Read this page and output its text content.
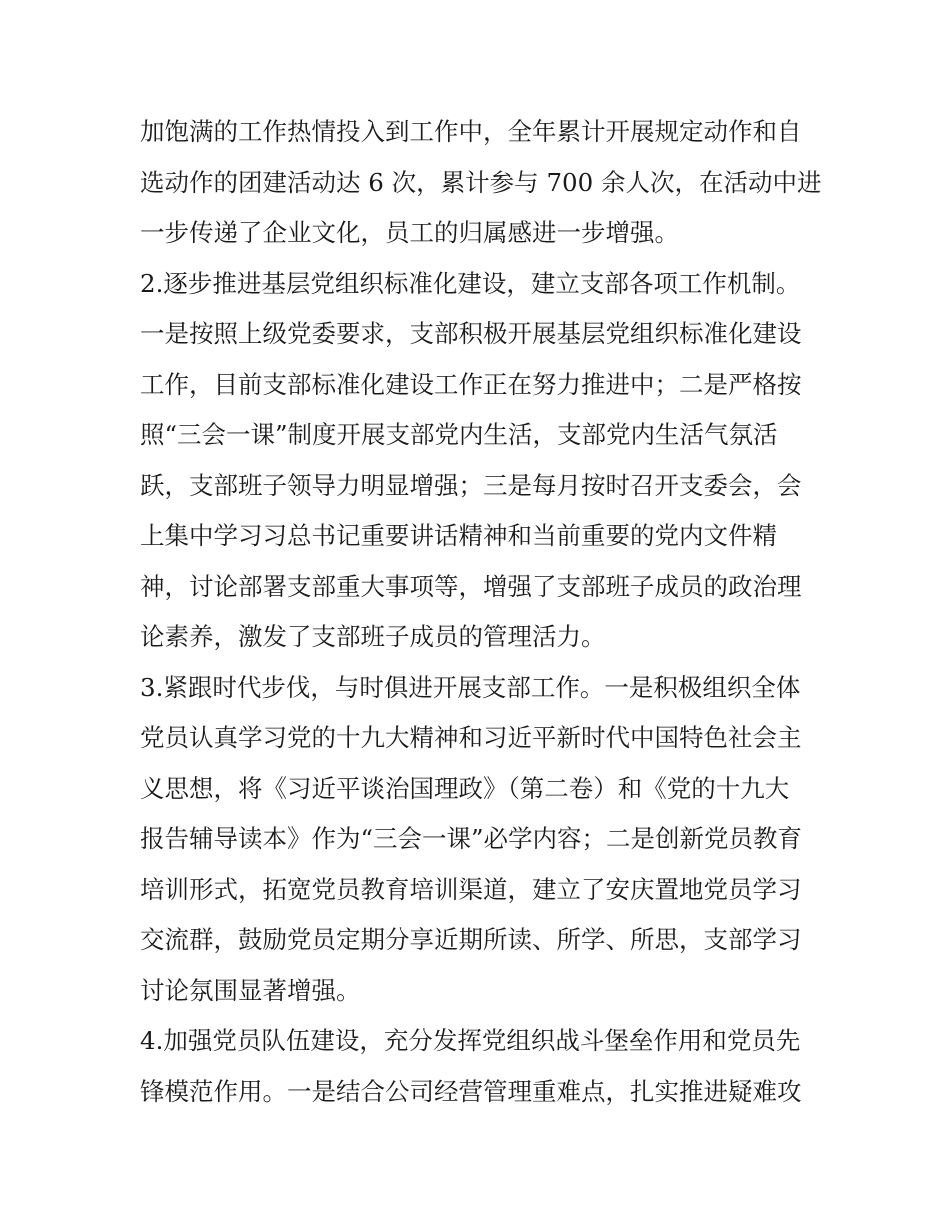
加饱满的工作热情投入到工作中，全年累计开展规定动作和自
选动作的团建活动达 6 次，累计参与 700 余人次，在活动中进
一步传递了企业文化，员工的归属感进一步增强。
2.逐步推进基层党组织标准化建设，建立支部各项工作机制。
一是按照上级党委要求，支部积极开展基层党组织标准化建设
工作，目前支部标准化建设工作正在努力推进中；二是严格按
照“三会一课”制度开展支部党内生活，支部党内生活气氛活
跃，支部班子领导力明显增强；三是每月按时召开支委会，会
上集中学习习总书记重要讲话精神和当前重要的党内文件精
神，讨论部署支部重大事项等，增强了支部班子成员的政治理
论素养，激发了支部班子成员的管理活力。
3.紧跟时代步伐，与时俱进开展支部工作。一是积极组织全体
党员认真学习党的十九大精神和习近平新时代中国特色社会主
义思想，将《习近平谈治国理政》（第二卷）和《党的十九大
报告辅导读本》作为“三会一课”必学内容；二是创新党员教育
培训形式，拓宽党员教育培训渠道，建立了安庆置地党员学习
交流群，鼓励党员定期分享近期所读、所学、所思，支部学习
讨论氛围显著增强。
4.加强党员队伍建设，充分发挥党组织战斗堡垒作用和党员先
锋模范作用。一是结合公司经营管理重难点，扎实推进疑难攻
